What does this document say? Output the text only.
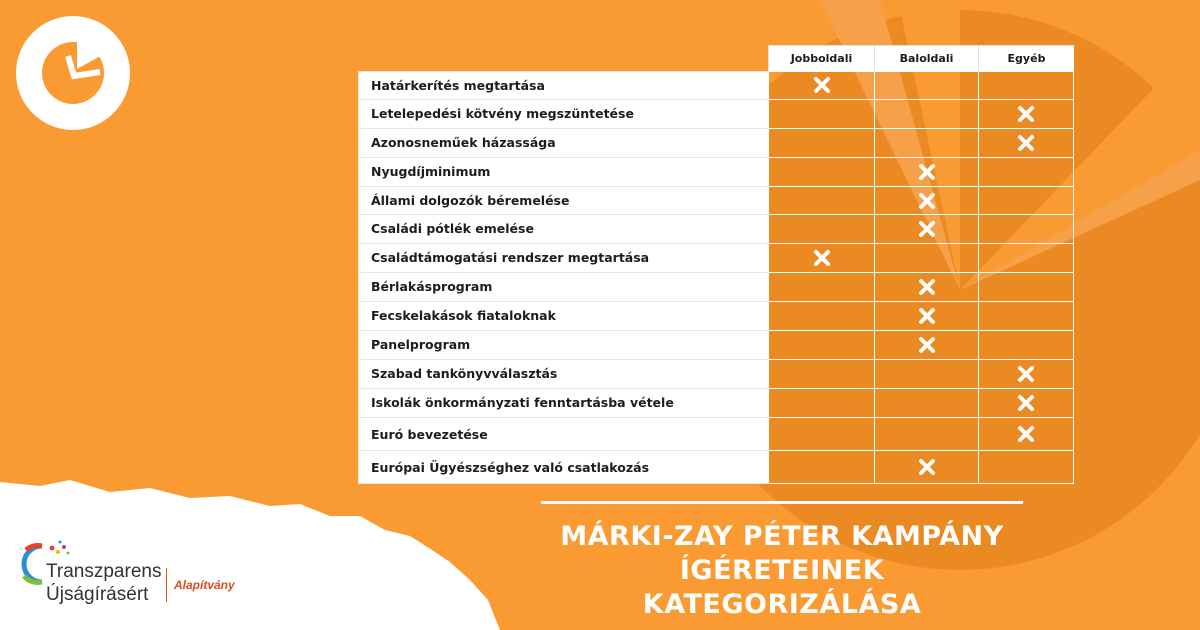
Jobboldali	Baloldali	Egyéb
Határkerítés megtartása
Letelepedési kötvény megszüntetése
Azonosneműek házassága
Nyugdíjminimum
Állami dolgozók béremelése
Családi pótlék emelése
Családtámogatási rendszer megtartása
Bérlakásprogram
Fecskelakások fiataloknak
Panelprogram
Szabad tankönyvválasztás
Iskolák önkormányzati fenntartásba vétele
Euró bevezetése
Európai Ügyészséghez való csatlakozás
MÁRKI-ZAY PÉTER KAMPÁNY
ÍGÉRETEINEK KATEGORIZÁLÁSA
Transzparens
Újságírásért Alapítvány
